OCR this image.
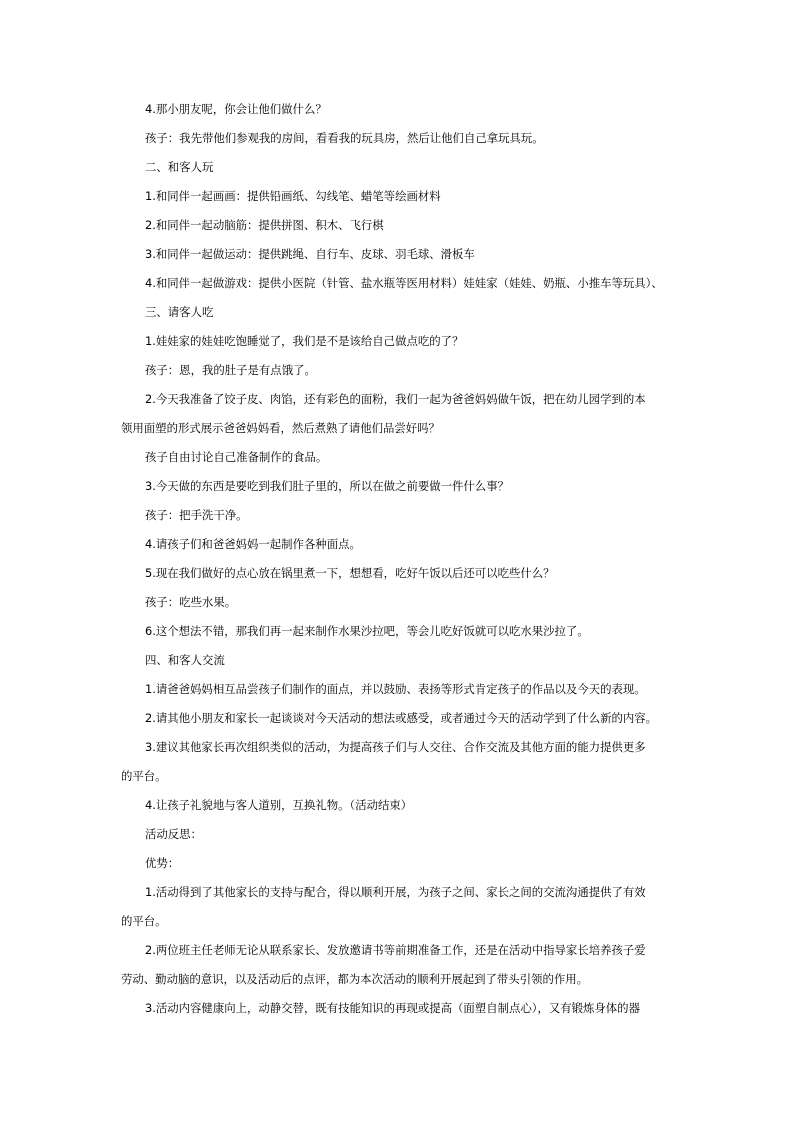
4.那小朋友呢，你会让他们做什么？
孩子：我先带他们参观我的房间，看看我的玩具房，然后让他们自己拿玩具玩。
二、和客人玩
1.和同伴一起画画：提供铅画纸、勾线笔、蜡笔等绘画材料
2.和同伴一起动脑筋：提供拼图、积木、飞行棋
3.和同伴一起做运动：提供跳绳、自行车、皮球、羽毛球、滑板车
4.和同伴一起做游戏：提供小医院（针管、盐水瓶等医用材料）娃娃家（娃娃、奶瓶、小推车等玩具）、
三、请客人吃
1.娃娃家的娃娃吃饱睡觉了，我们是不是该给自己做点吃的了？
孩子：恩，我的肚子是有点饿了。
2.今天我准备了饺子皮、肉馅，还有彩色的面粉，我们一起为爸爸妈妈做午饭，把在幼儿园学到的本
领用面塑的形式展示爸爸妈妈看，然后煮熟了请他们品尝好吗？
孩子自由讨论自己准备制作的食品。
3.今天做的东西是要吃到我们肚子里的，所以在做之前要做一件什么事？
孩子：把手洗干净。
4.请孩子们和爸爸妈妈一起制作各种面点。
5.现在我们做好的点心放在锅里煮一下，想想看，吃好午饭以后还可以吃些什么？
孩子：吃些水果。
6.这个想法不错，那我们再一起来制作水果沙拉吧，等会儿吃好饭就可以吃水果沙拉了。
四、和客人交流
1.请爸爸妈妈相互品尝孩子们制作的面点，并以鼓励、表扬等形式肯定孩子的作品以及今天的表现。
2.请其他小朋友和家长一起谈谈对今天活动的想法或感受，或者通过今天的活动学到了什么新的内容。
3.建议其他家长再次组织类似的活动，为提高孩子们与人交往、合作交流及其他方面的能力提供更多
的平台。
4.让孩子礼貌地与客人道别，互换礼物。（活动结束）
活动反思：
优势：
1.活动得到了其他家长的支持与配合，得以顺利开展，为孩子之间、家长之间的交流沟通提供了有效
的平台。
2.两位班主任老师无论从联系家长、发放邀请书等前期准备工作，还是在活动中指导家长培养孩子爱
劳动、勤动脑的意识，以及活动后的点评，都为本次活动的顺利开展起到了带头引领的作用。
3.活动内容健康向上，动静交替，既有技能知识的再现或提高（面塑自制点心），又有锻炼身体的器
